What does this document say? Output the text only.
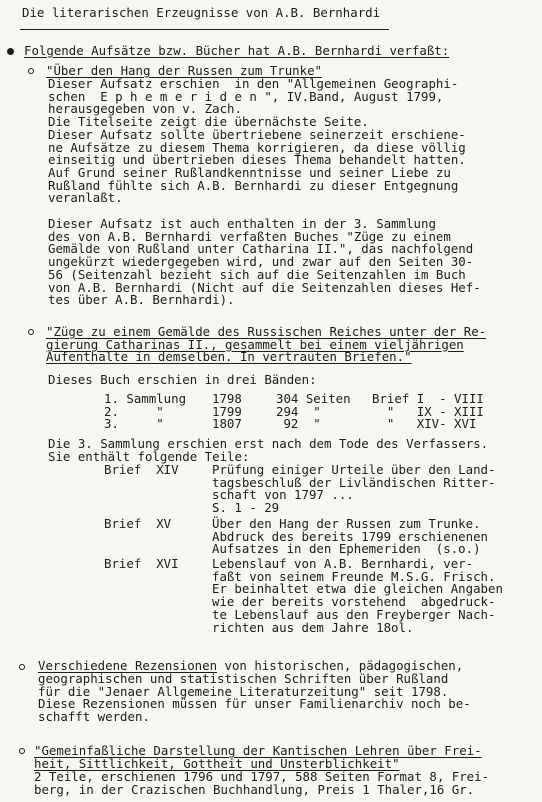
Die literarischen Erzeugnisse von A.B. Bernhardi
Folgende Aufsätze bzw. Bücher hat A.B. Bernhardi verfaßt:
"Über den Hang der Russen zum Trunke"
Dieser Aufsatz erschien  in den "Allgemeinen Geographi-
schen  E p h e m e r i d e n ", IV.Band, August 1799,
herausgegeben von v. Zach.
Die Titelseite zeigt die übernächste Seite.
Dieser Aufsatz sollte übertriebene seinerzeit erschiene-
ne Aufsätze zu diesem Thema korrigieren, da diese völlig
einseitig und übertrieben dieses Thema behandelt hatten.
Auf Grund seiner Rußlandkenntnisse und seiner Liebe zu
Rußland fühlte sich A.B. Bernhardi zu dieser Entgegnung
veranlaßt.
Dieser Aufsatz ist auch enthalten in der 3. Sammlung
des von A.B. Bernhardi verfaßten Buches "Züge zu einem
Gemälde von Rußland unter Catharina II.", das nachfolgend
ungekürzt wiedergegeben wird, und zwar auf den Seiten 30-
56 (Seitenzahl bezieht sich auf die Seitenzahlen im Buch
von A.B. Bernhardi (Nicht auf die Seitenzahlen dieses Hef-
tes über A.B. Bernhardi).
"Züge zu einem Gemälde des Russischen Reiches unter der Re-
gierung Catharinas II., gesammelt bei einem vieljährigen
Aufenthalte in demselben. In vertrauten Briefen."
Dieses Buch erschien in drei Bänden:
1. Sammlung 1798	304 Seiten Brief I  - VIII
2.     "	1799	294  "	"   IX - XIII
3.     "	1807	92  "	"   XIV- XVI
Die 3. Sammlung erschien erst nach dem Tode des Verfassers.
Sie enthält folgende Teile:
Brief  XIV	Prüfung einiger Urteile über den Land-
tagsbeschluß der Livländischen Ritter-
schaft von 1797 ...
S. 1 - 29
Brief  XV	Über den Hang der Russen zum Trunke.
Abdruck des bereits 1799 erschienenen
Aufsatzes in den Ephemeriden  (s.o.)
Brief  XVI	Lebenslauf von A.B. Bernhardi, ver-
faßt von seinem Freunde M.S.G. Frisch.
Er beinhaltet etwa die gleichen Angaben
wie der bereits vorstehend  abgedruck-
te Lebenslauf aus den Freyberger Nach-
richten aus dem Jahre 18ol.
Verschiedene Rezensionen von historischen, pädagogischen,
geographischen und statistischen Schriften über Rußland
für die "Jenaer Allgemeine Literaturzeitung" seit 1798.
Diese Rezensionen müssen für unser Familienarchiv noch be-
schafft werden.
"Gemeinfaßliche Darstellung der Kantischen Lehren über Frei-
heit, Sittlichkeit, Gottheit und Unsterblichkeit"
2 Teile, erschienen 1796 und 1797, 588 Seiten Format 8, Frei-
berg, in der Crazischen Buchhandlung, Preis 1 Thaler,16 Gr.
